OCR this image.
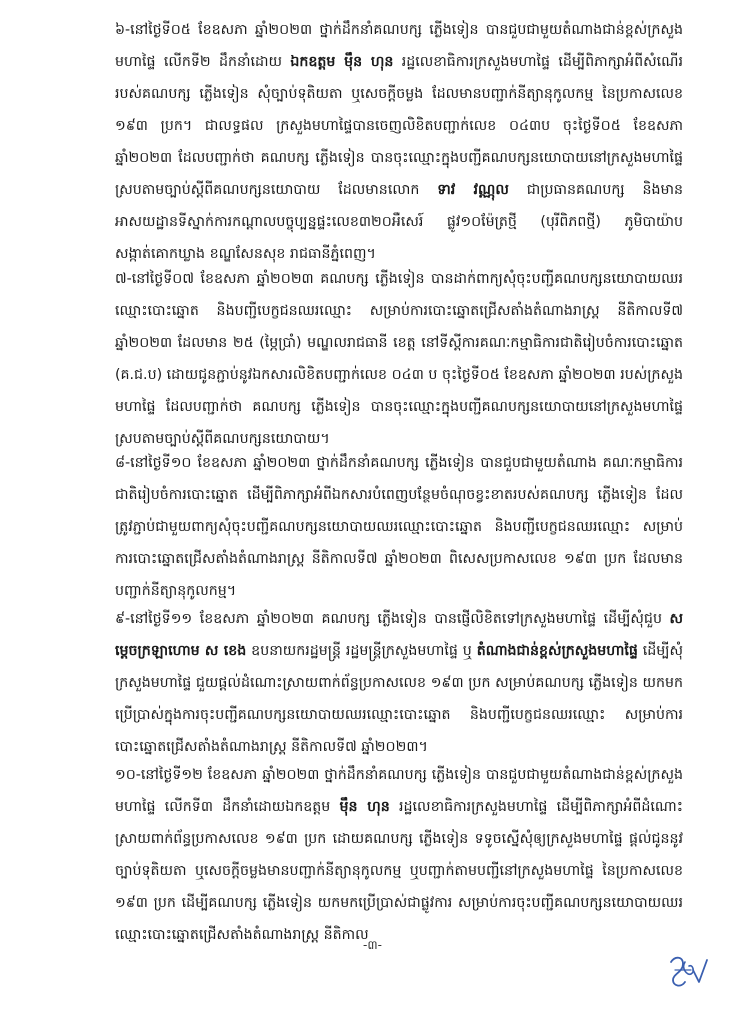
៦-នៅថ្ងៃទី០៥ ខែឧសភា ឆ្នាំ២០២៣ ថ្នាក់ដឹកនាំគណបក្ស ភ្លើងទៀន បានជួបជាមួយតំណាងជាន់ខ្ពស់ក្រសួងមហាផ្ទៃ លើកទី២ ដឹកនាំដោយ ឯកឧត្តម ម៉ឹន ហុន រដ្ឋលេខាធិការក្រសួងមហាផ្ទៃ ដើម្បីពិភាក្សាអំពីសំណើររបស់គណបក្ស ភ្លើងទៀន សុំច្បាប់ទុតិយតា ឬសេចក្តីចម្លង ដែលមានបញ្ជាក់នីត្យានុកូលកម្ម នៃប្រកាសលេខ ១៩៣ ប្រក។ ជាលទ្ធផល ក្រសួងមហាផ្ទៃបានចេញលិខិតបញ្ជាក់លេខ ០៤៣ប ចុះថ្ងៃទី០៥ ខែឧសភា ឆ្នាំ២០២៣ ដែលបញ្ជាក់ថា គណបក្ស ភ្លើងទៀន បានចុះឈ្មោះក្នុងបញ្ជីគណបក្សនយោបាយនៅក្រសួងមហាផ្ទៃ ស្របតាមច្បាប់ស្តីពីគណបក្សនយោបាយ ដែលមានលោក ទាវ វណ្ណុល ជាប្រធានគណបក្ស និងមានអាសយដ្ឋានទីស្នាក់ការកណ្តាលបច្ចុប្បន្នផ្ទះលេខ៣២០អឺសេរ៍ ផ្លូវ១០ម៉ែត្រថ្មី (បុរីពិភពថ្មី) ភូមិបាយ៉ាប សង្កាត់គោកឃ្លាង ខណ្ឌសែនសុខ រាជធានីភ្នំពេញ។

៧-នៅថ្ងៃទី០៧ ខែឧសភា ឆ្នាំ២០២៣ គណបក្ស ភ្លើងទៀន បានដាក់ពាក្យសុំចុះបញ្ជីគណបក្សនយោបាយឈរឈ្មោះបោះឆ្នោត និងបញ្ជីបេក្ខជនឈរឈ្មោះ សម្រាប់ការបោះឆ្នោតជ្រើសតាំងតំណាងរាស្ត្រ នីតិកាលទី៧ ឆ្នាំ២០២៣ ដែលមាន ២៥ (ម្ភៃប្រាំ) មណ្ឌលរាជធានី ខេត្ត នៅទីស្តីការគណៈកម្មាធិការជាតិរៀបចំការបោះឆ្នោត (គ.ជ.ប) ដោយជូនភ្ជាប់នូវឯកសារលិខិតបញ្ជាក់លេខ ០៤៣ ប ចុះថ្ងៃទី០៥ ខែឧសភា ឆ្នាំ២០២៣ របស់ក្រសួងមហាផ្ទៃ ដែលបញ្ជាក់ថា គណបក្ស ភ្លើងទៀន បានចុះឈ្មោះក្នុងបញ្ជីគណបក្សនយោបាយនៅក្រសួងមហាផ្ទៃ ស្របតាមច្បាប់ស្តីពីគណបក្សនយោបាយ។

៨-នៅថ្ងៃទី១០ ខែឧសភា ឆ្នាំ២០២៣ ថ្នាក់ដឹកនាំគណបក្ស ភ្លើងទៀន បានជួបជាមួយតំណាង គណៈកម្មាធិការជាតិរៀបចំការបោះឆ្នោត ដើម្បីពិភាក្សាអំពីឯកសារបំពេញបន្ថែមចំណុចខ្វះខាតរបស់គណបក្ស ភ្លើងទៀន ដែលត្រូវភ្ជាប់ជាមួយពាក្យសុំចុះបញ្ជីគណបក្សនយោបាយឈរឈ្មោះបោះឆ្នោត និងបញ្ជីបេក្ខជនឈរឈ្មោះ សម្រាប់ការបោះឆ្នោតជ្រើសតាំងតំណាងរាស្ត្រ នីតិកាលទី៧ ឆ្នាំ២០២៣ ពិសេសប្រកាសលេខ ១៩៣ ប្រក ដែលមានបញ្ជាក់នីត្យានុកូលកម្ម។

៩-នៅថ្ងៃទី១១ ខែឧសភា ឆ្នាំ២០២៣ គណបក្ស ភ្លើងទៀន បានផ្ញើលិខិតទៅក្រសួងមហាផ្ទៃ ដើម្បីសុំជួប សម្តេចក្រឡាហោម ស ខេង ឧបនាយករដ្ឋមន្ត្រី រដ្ឋមន្ត្រីក្រសួងមហាផ្ទៃ ឬ តំណាងជាន់ខ្ពស់ក្រសួងមហាផ្ទៃ ដើម្បីសុំក្រសួងមហាផ្ទៃ ជួយផ្តល់ដំណោះស្រាយពាក់ព័ន្ធប្រកាសលេខ ១៩៣ ប្រក សម្រាប់គណបក្ស ភ្លើងទៀន យកមកប្រើប្រាស់ក្នុងការចុះបញ្ជីគណបក្សនយោបាយឈរឈ្មោះបោះឆ្នោត និងបញ្ជីបេក្ខជនឈរឈ្មោះ សម្រាប់ការបោះឆ្នោតជ្រើសតាំងតំណាងរាស្ត្រ នីតិកាលទី៧ ឆ្នាំ២០២៣។

១០-នៅថ្ងៃទី១២ ខែឧសភា ឆ្នាំ២០២៣ ថ្នាក់ដឹកនាំគណបក្ស ភ្លើងទៀន បានជួបជាមួយតំណាងជាន់ខ្ពស់ក្រសួងមហាផ្ទៃ លើកទី៣ ដឹកនាំដោយឯកឧត្តម ម៉ឹន ហុន រដ្ឋលេខាធិការក្រសួងមហាផ្ទៃ ដើម្បីពិភាក្សាអំពីដំណោះស្រាយពាក់ព័ន្ធប្រកាសលេខ ១៩៣ ប្រក ដោយគណបក្ស ភ្លើងទៀន ទទូចស្នើសុំឲ្យក្រសួងមហាផ្ទៃ ផ្តល់ជូននូវច្បាប់ទុតិយតា ឬសេចក្តីចម្លងមានបញ្ជាក់នីត្យានុកូលកម្ម ឬបញ្ជាក់តាមបញ្ជីនៅក្រសួងមហាផ្ទៃ នៃប្រកាសលេខ ១៩៣ ប្រក ដើម្បីគណបក្ស ភ្លើងទៀន យកមកប្រើប្រាស់ជាផ្លូវការ សម្រាប់ការចុះបញ្ជីគណបក្សនយោបាយឈរឈ្មោះបោះឆ្នោតជ្រើសតាំងតំណាងរាស្ត្រ នីតិកាល

-៣-
